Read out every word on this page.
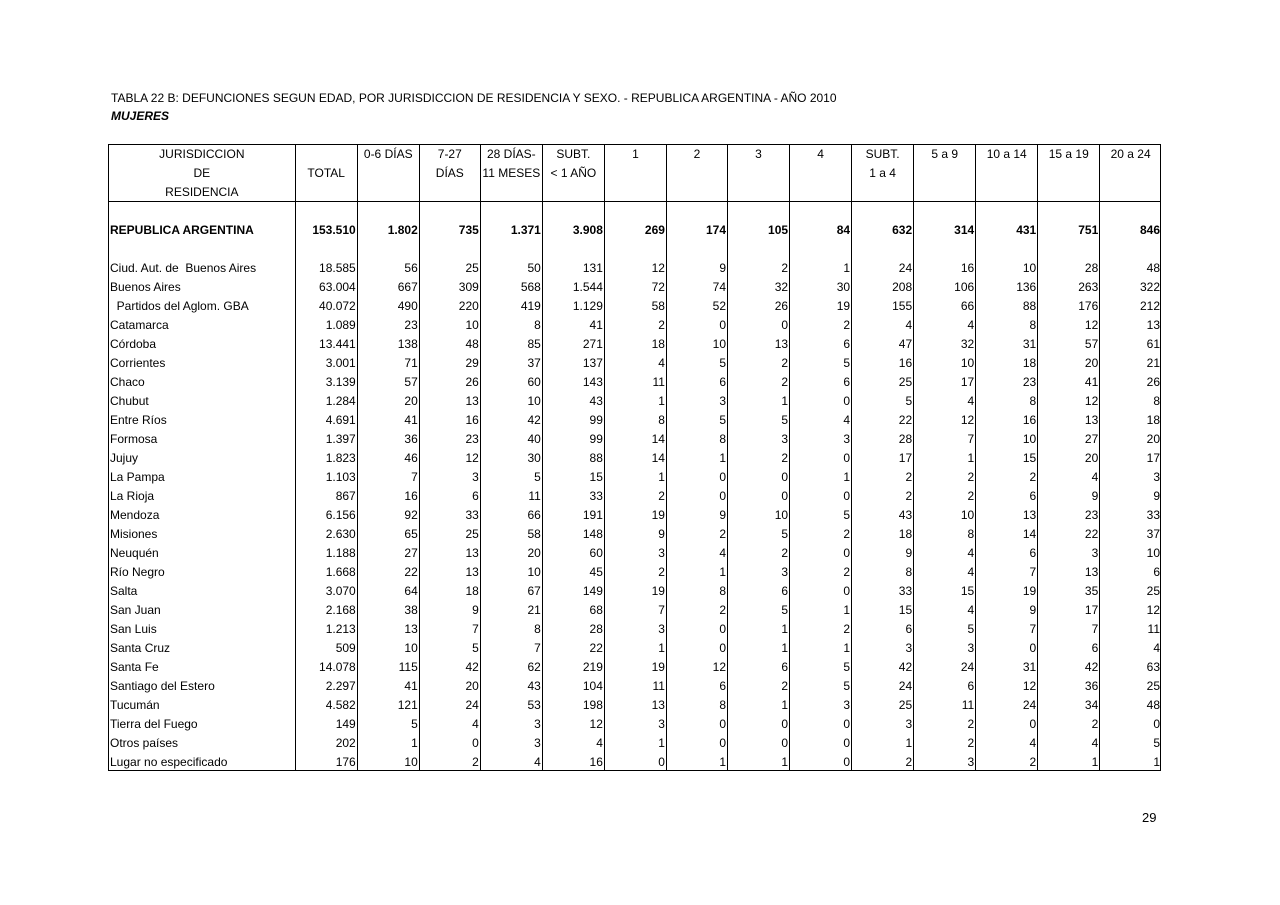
TABLA 22 B: DEFUNCIONES SEGUN EDAD, POR JURISDICCION DE RESIDENCIA Y SEXO. - REPUBLICA ARGENTINA - AÑO 2010
MUJERES
JURISDICCION		0-6 DÍAS	7-27	28 DÍAS-	SUBT.	1	2	3	4	SUBT.	5 a 9	10 a 14	15 a 19	20 a 24
DE	TOTAL		DÍAS	11 MESES	< 1 AÑO					1 a 4				
RESIDENCIA														

REPUBLICA ARGENTINA	153.510	1.802	735	1.371	3.908	269	174	105	84	632	314	431	751	846

Ciud. Aut. de  Buenos Aires	18.585	56	25	50	131	12	9	2	1	24	16	10	28	48
Buenos Aires	63.004	667	309	568	1.544	72	74	32	30	208	106	136	263	322
Partidos del Aglom. GBA	40.072	490	220	419	1.129	58	52	26	19	155	66	88	176	212
Catamarca	1.089	23	10	8	41	2	0	0	2	4	4	8	12	13
Córdoba	13.441	138	48	85	271	18	10	13	6	47	32	31	57	61
Corrientes	3.001	71	29	37	137	4	5	2	5	16	10	18	20	21
Chaco	3.139	57	26	60	143	11	6	2	6	25	17	23	41	26
Chubut	1.284	20	13	10	43	1	3	1	0	5	4	8	12	8
Entre Ríos	4.691	41	16	42	99	8	5	5	4	22	12	16	13	18
Formosa	1.397	36	23	40	99	14	8	3	3	28	7	10	27	20
Jujuy	1.823	46	12	30	88	14	1	2	0	17	1	15	20	17
La Pampa	1.103	7	3	5	15	1	0	0	1	2	2	2	4	3
La Rioja	867	16	6	11	33	2	0	0	0	2	2	6	9	9
Mendoza	6.156	92	33	66	191	19	9	10	5	43	10	13	23	33
Misiones	2.630	65	25	58	148	9	2	5	2	18	8	14	22	37
Neuquén	1.188	27	13	20	60	3	4	2	0	9	4	6	3	10
Río Negro	1.668	22	13	10	45	2	1	3	2	8	4	7	13	6
Salta	3.070	64	18	67	149	19	8	6	0	33	15	19	35	25
San Juan	2.168	38	9	21	68	7	2	5	1	15	4	9	17	12
San Luis	1.213	13	7	8	28	3	0	1	2	6	5	7	7	11
Santa Cruz	509	10	5	7	22	1	0	1	1	3	3	0	6	4
Santa Fe	14.078	115	42	62	219	19	12	6	5	42	24	31	42	63
Santiago del Estero	2.297	41	20	43	104	11	6	2	5	24	6	12	36	25
Tucumán	4.582	121	24	53	198	13	8	1	3	25	11	24	34	48
Tierra del Fuego	149	5	4	3	12	3	0	0	0	3	2	0	2	0
Otros países	202	1	0	3	4	1	0	0	0	1	2	4	4	5
Lugar no especificado	176	10	2	4	16	0	1	1	0	2	3	2	1	1
29
